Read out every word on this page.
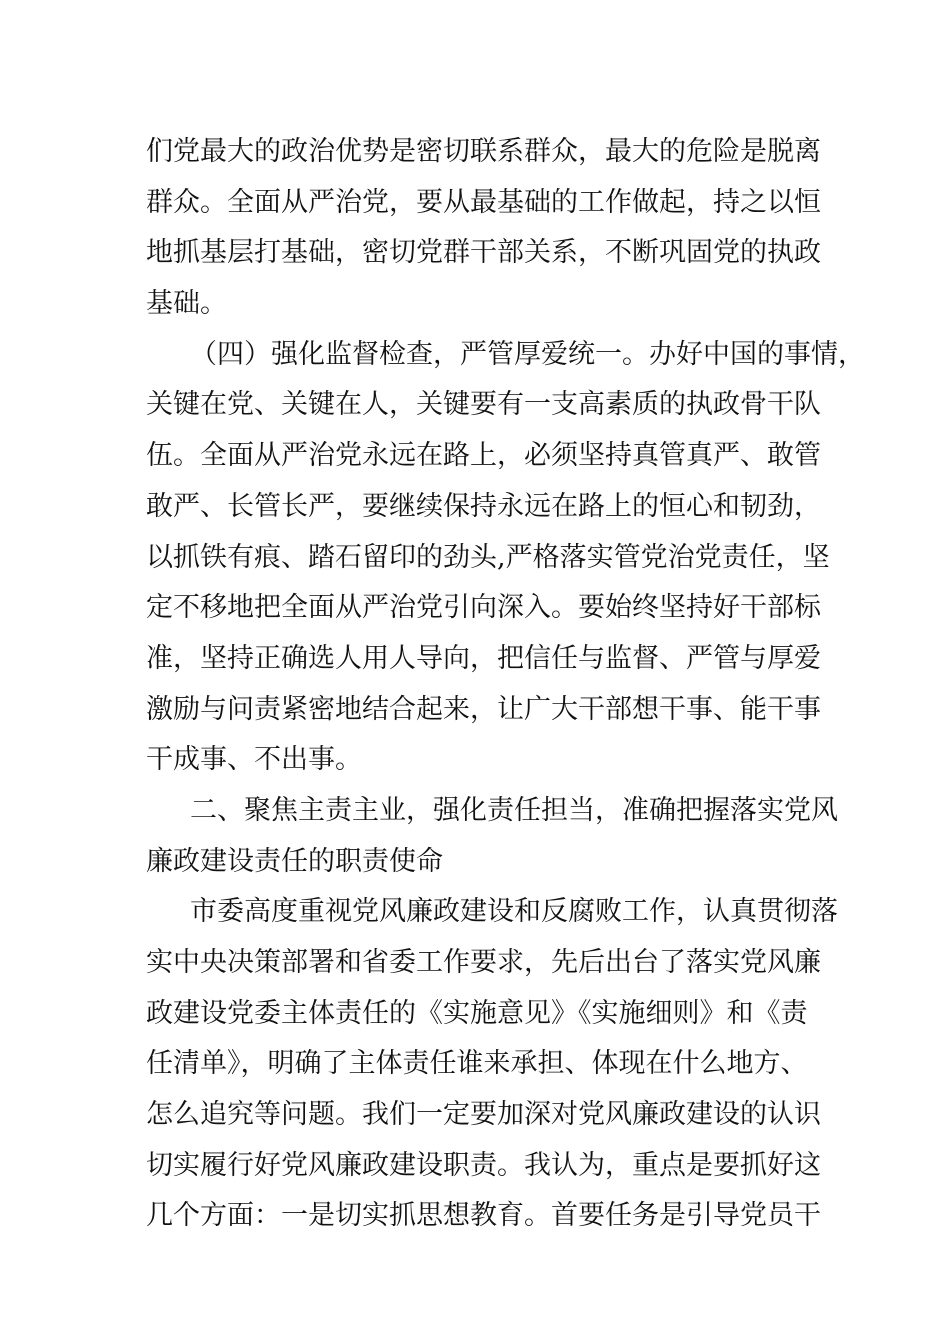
们党最大的政治优势是密切联系群众，最大的危险是脱离
群众。全面从严治党，要从最基础的工作做起，持之以恒
地抓基层打基础，密切党群干部关系，不断巩固党的执政
基础。
（四）强化监督检查，严管厚爱统一。办好中国的事情，
关键在党、关键在人，关键要有一支高素质的执政骨干队
伍。全面从严治党永远在路上，必须坚持真管真严、敢管
敢严、长管长严，要继续保持永远在路上的恒心和韧劲，
以抓铁有痕、踏石留印的劲头,严格落实管党治党责任，坚
定不移地把全面从严治党引向深入。要始终坚持好干部标
准，坚持正确选人用人导向，把信任与监督、严管与厚爱
激励与问责紧密地结合起来，让广大干部想干事、能干事
干成事、不出事。
二、聚焦主责主业，强化责任担当，准确把握落实党风
廉政建设责任的职责使命
市委高度重视党风廉政建设和反腐败工作，认真贯彻落
实中央决策部署和省委工作要求，先后出台了落实党风廉
政建设党委主体责任的《实施意见》《实施细则》和《责
任清单》，明确了主体责任谁来承担、体现在什么地方、
怎么追究等问题。我们一定要加深对党风廉政建设的认识
切实履行好党风廉政建设职责。我认为，重点是要抓好这
几个方面：一是切实抓思想教育。首要任务是引导党员干
